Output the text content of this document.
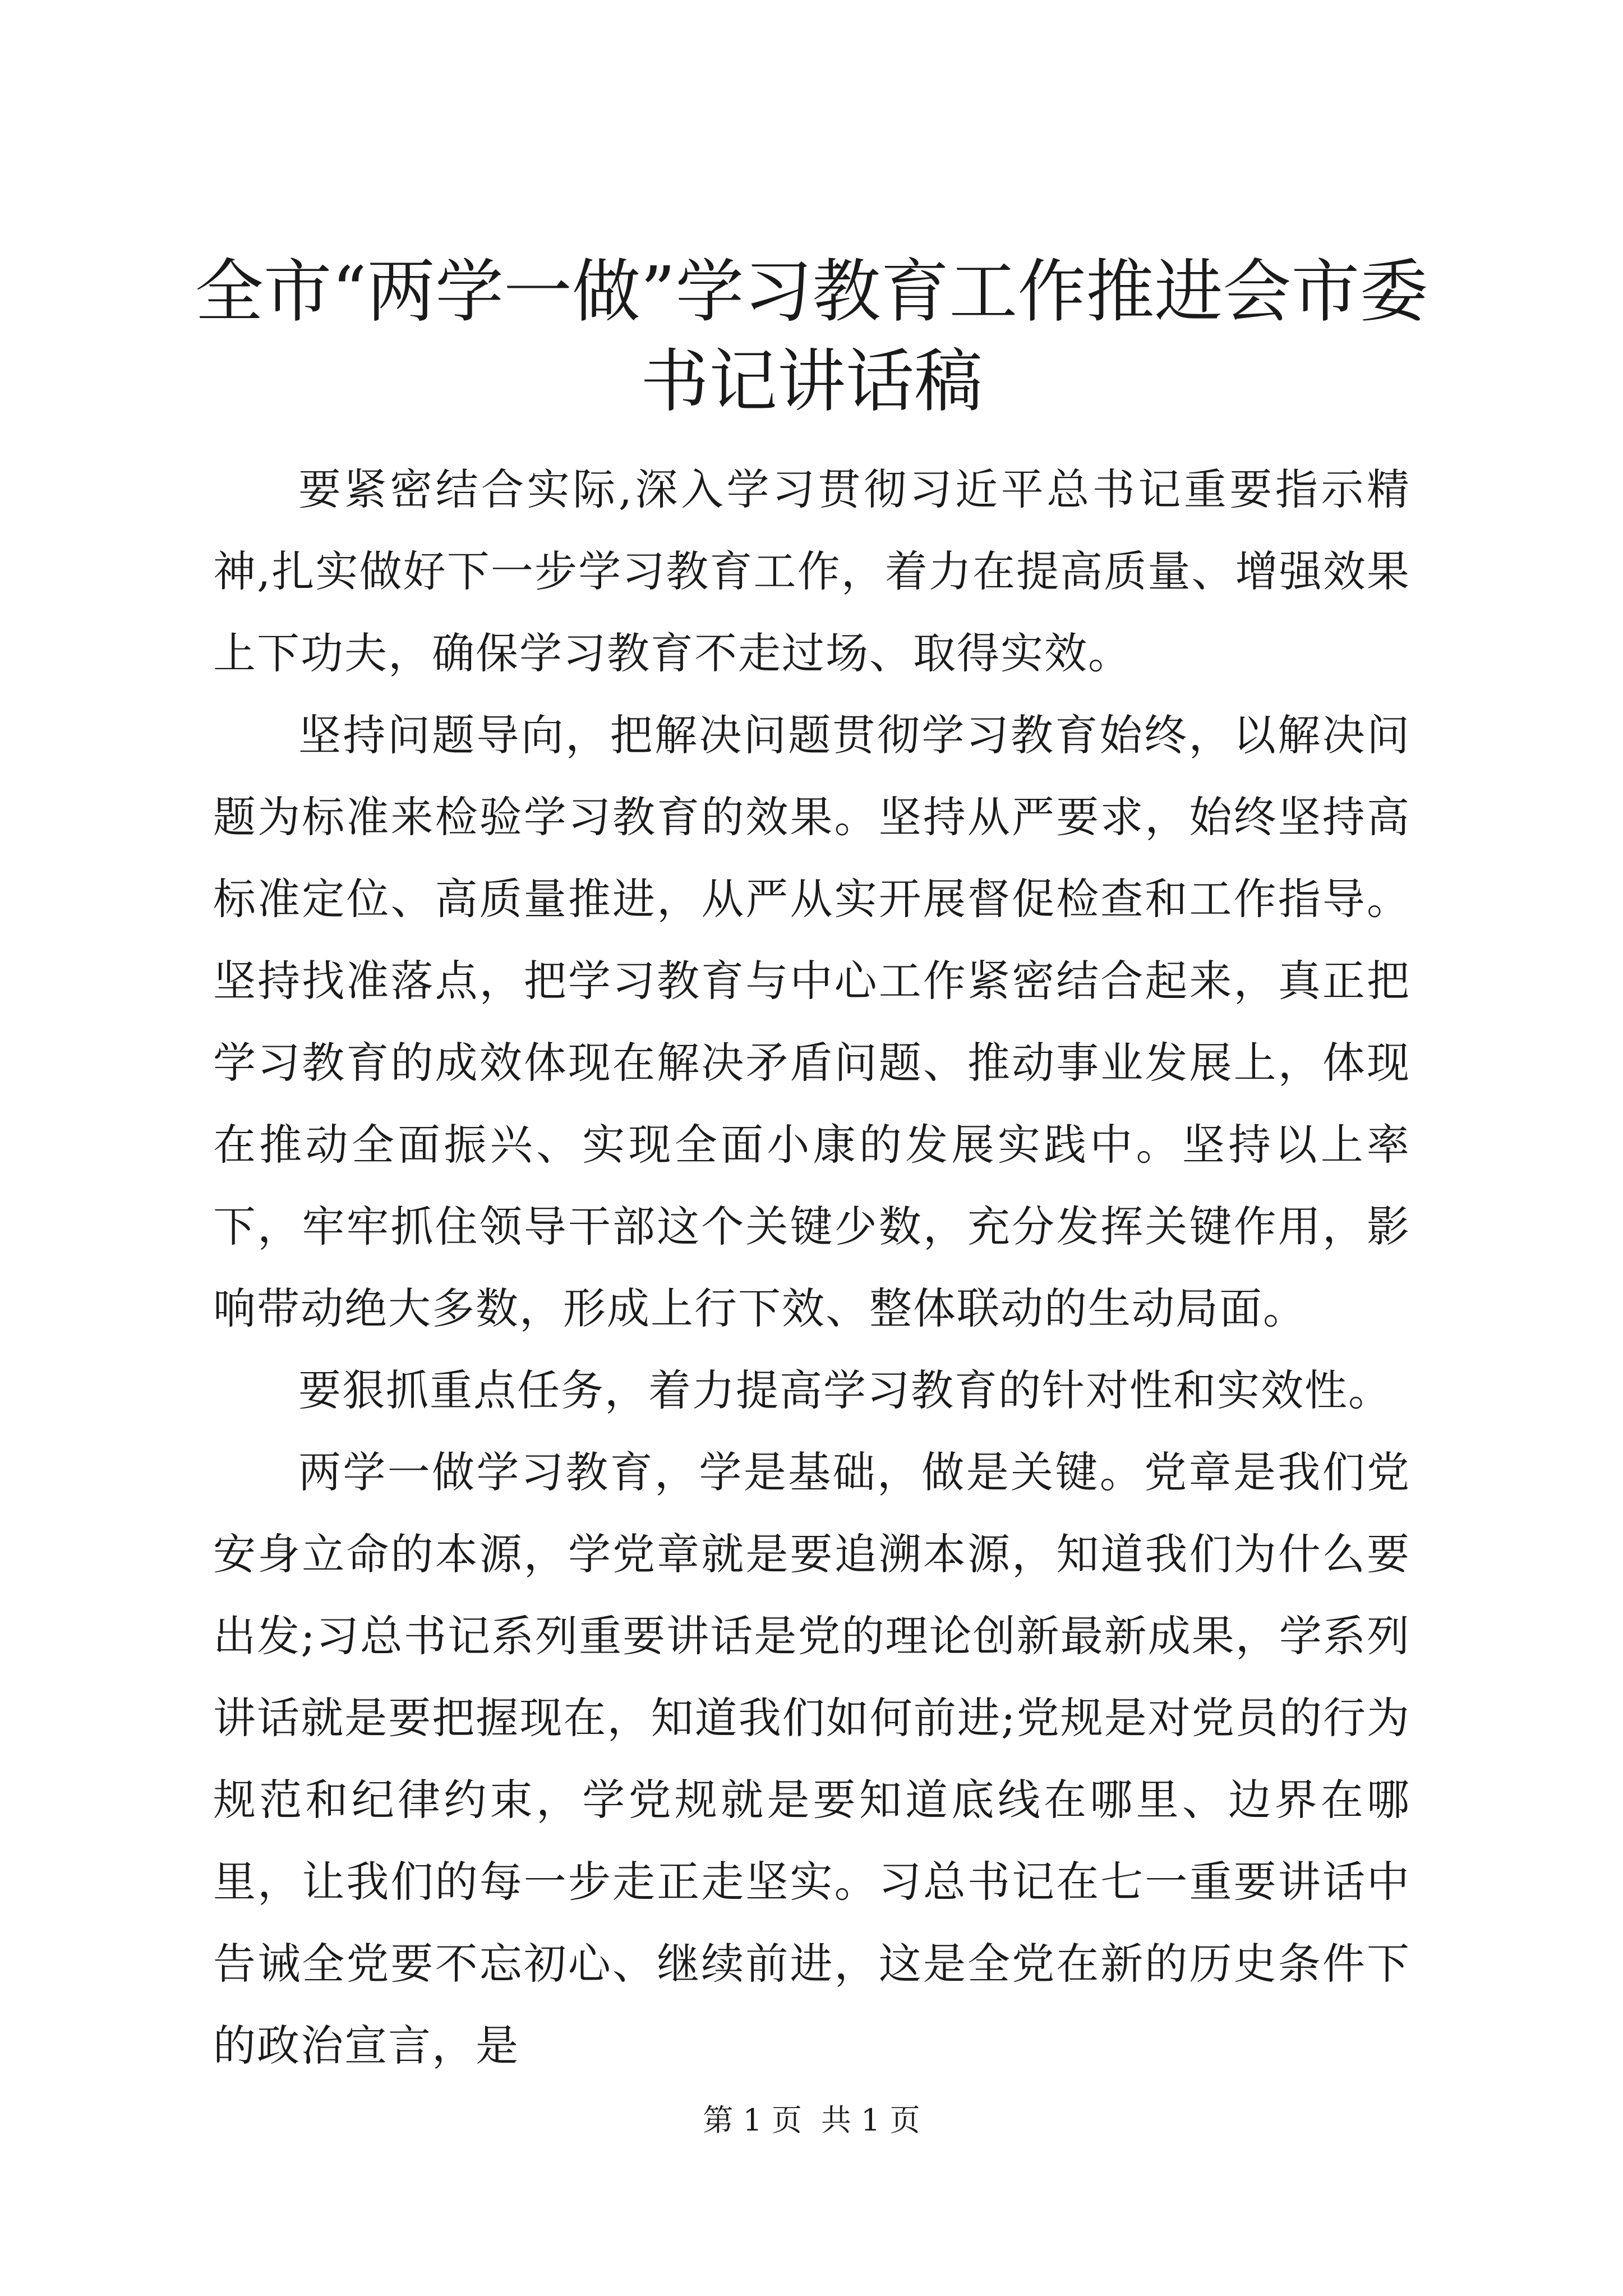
全市“两学一做”学习教育工作推进会市委书记讲话稿

要紧密结合实际,深入学习贯彻习近平总书记重要指示精神,扎实做好下一步学习教育工作，着力在提高质量、增强效果上下功夫，确保学习教育不走过场、取得实效。

坚持问题导向，把解决问题贯彻学习教育始终，以解决问题为标准来检验学习教育的效果。坚持从严要求，始终坚持高标准定位、高质量推进，从严从实开展督促检查和工作指导。坚持找准落点，把学习教育与中心工作紧密结合起来，真正把学习教育的成效体现在解决矛盾问题、推动事业发展上，体现在推动全面振兴、实现全面小康的发展实践中。坚持以上率下，牢牢抓住领导干部这个关键少数，充分发挥关键作用，影响带动绝大多数，形成上行下效、整体联动的生动局面。

要狠抓重点任务，着力提高学习教育的针对性和实效性。

两学一做学习教育，学是基础，做是关键。党章是我们党安身立命的本源，学党章就是要追溯本源，知道我们为什么要出发;习总书记系列重要讲话是党的理论创新最新成果，学系列讲话就是要把握现在，知道我们如何前进;党规是对党员的行为规范和纪律约束，学党规就是要知道底线在哪里、边界在哪里，让我们的每一步走正走坚实。习总书记在七一重要讲话中告诫全党要不忘初心、继续前进，这是全党在新的历史条件下的政治宣言，是

第 1 页 共 1 页
